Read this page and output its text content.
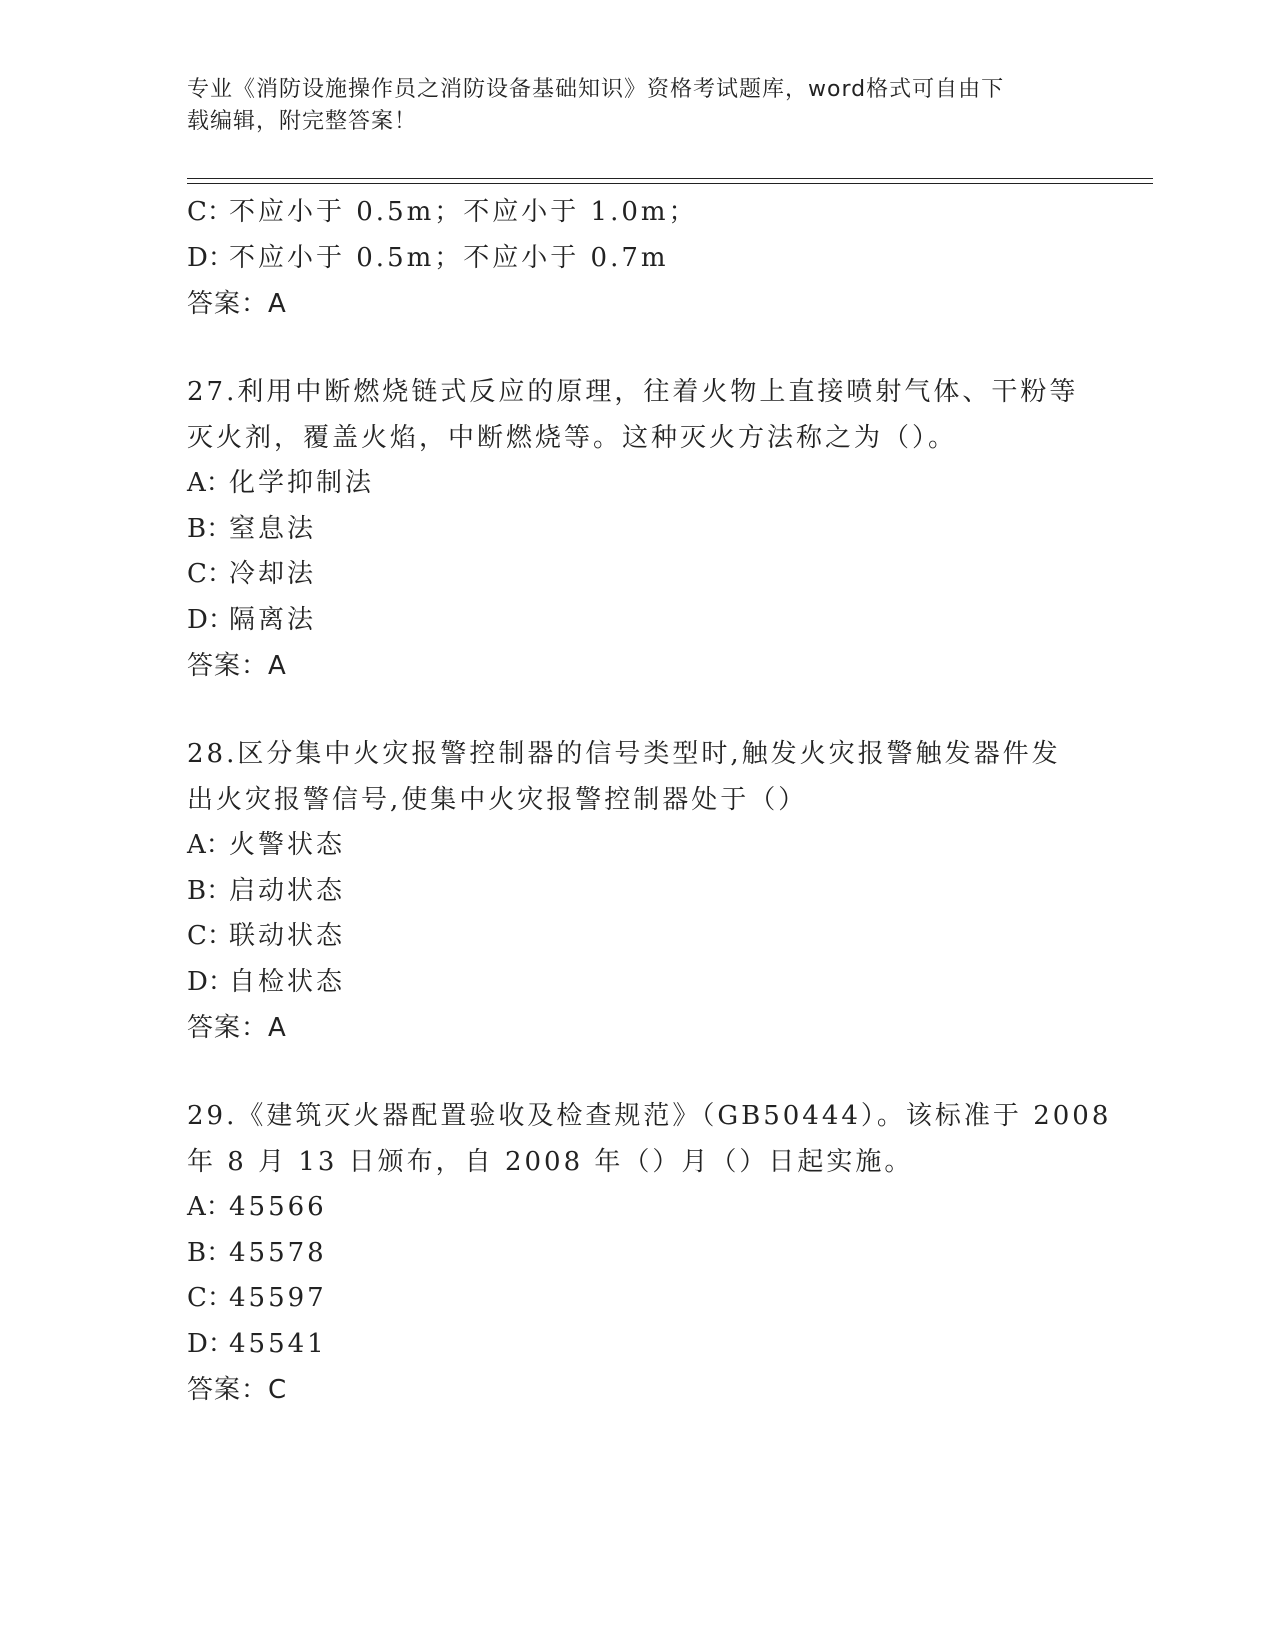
专业《消防设施操作员之消防设备基础知识》资格考试题库，word格式可自由下
载编辑，附完整答案！
C：不应小于 0.5m；不应小于 1.0m；
D：不应小于 0.5m；不应小于 0.7m
答案：A
27.利用中断燃烧链式反应的原理，往着火物上直接喷射气体、干粉等
灭火剂，覆盖火焰，中断燃烧等。这种灭火方法称之为（）。
A：化学抑制法
B：窒息法
C：冷却法
D：隔离法
答案：A
28.区分集中火灾报警控制器的信号类型时,触发火灾报警触发器件发
出火灾报警信号,使集中火灾报警控制器处于（）
A：火警状态
B：启动状态
C：联动状态
D：自检状态
答案：A
29.《建筑灭火器配置验收及检查规范》（GB50444）。该标准于 2008
年 8 月 13 日颁布，自 2008 年（）月（）日起实施。
A：45566
B：45578
C：45597
D：45541
答案：C
